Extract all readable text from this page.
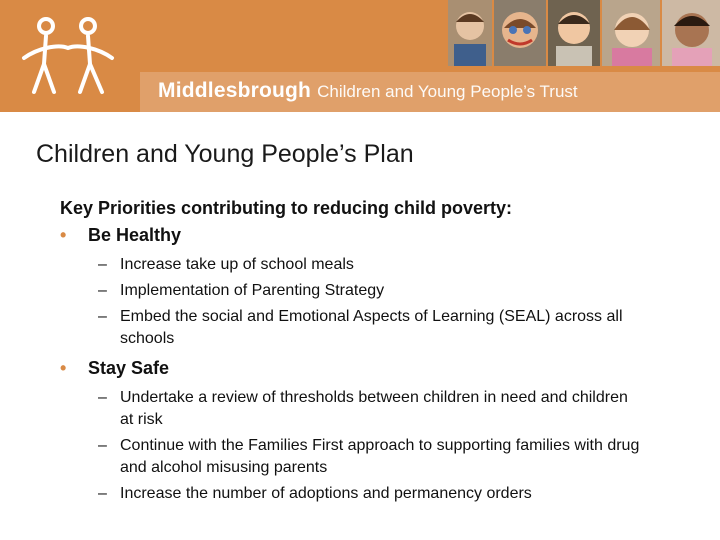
Middlesbrough Children and Young People’s Trust
Children and Young People’s Plan

Key Priorities contributing to reducing child poverty:

• Be Healthy
– Increase take up of school meals
– Implementation of Parenting Strategy
– Embed the social and Emotional Aspects of Learning (SEAL) across all schools
• Stay Safe
– Undertake a review of thresholds between children in need and children at risk
– Continue with the Families First approach to supporting families with drug and alcohol misusing parents
– Increase the number of adoptions and permanency orders
